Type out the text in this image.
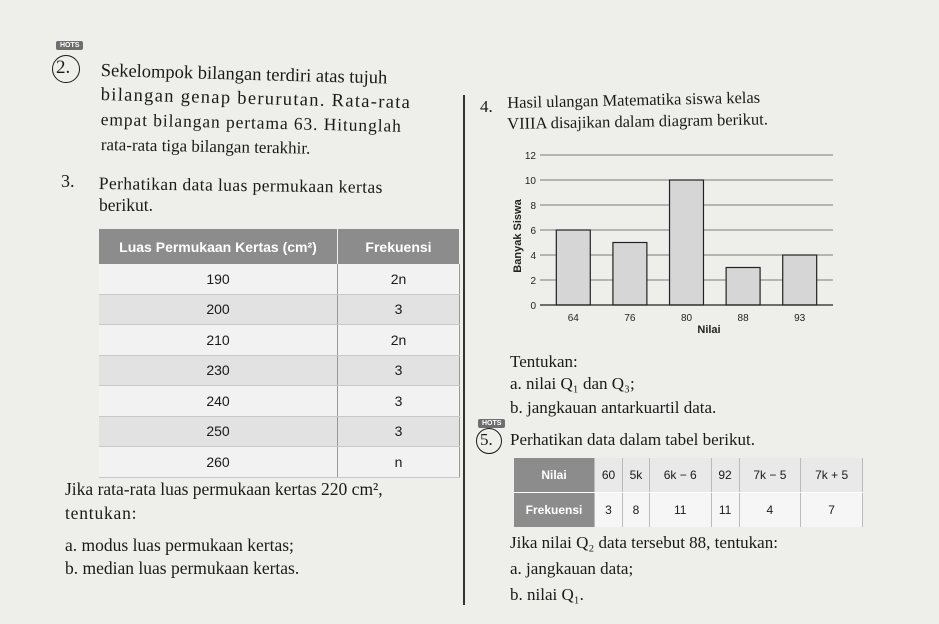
HOTS
HOTS
2. Sekelompok bilangan terdiri atas tujuh
bilangan genap berurutan. Rata-rata
empat bilangan pertama 63. Hitunglah
rata-rata tiga bilangan terakhir.
3. Perhatikan data luas permukaan kertas
berikut.
Luas Permukaan Kertas (cm²)	Frekuensi
190	2n
200	3
210	2n
230	3
240	3
250	3
260	n
Jika rata-rata luas permukaan kertas 220 cm²,
tentukan:
a. modus luas permukaan kertas;
b. median luas permukaan kertas.
4. Hasil ulangan Matematika siswa kelas
VIIIA disajikan dalam diagram berikut.
0
2
4
6
8
10
12
64	76	80	88	93
Nilai
Banyak Siswa
Tentukan:
a. nilai Q₁ dan Q₃;
b. jangkauan antarkuartil data.
5. Perhatikan data dalam tabel berikut.
Nilai	60	5k	6k − 6	92	7k − 5	7k + 5
Frekuensi	3	8	11	11	4	7
Jika nilai Q₂ data tersebut 88, tentukan:
a. jangkauan data;
b. nilai Q₁.
